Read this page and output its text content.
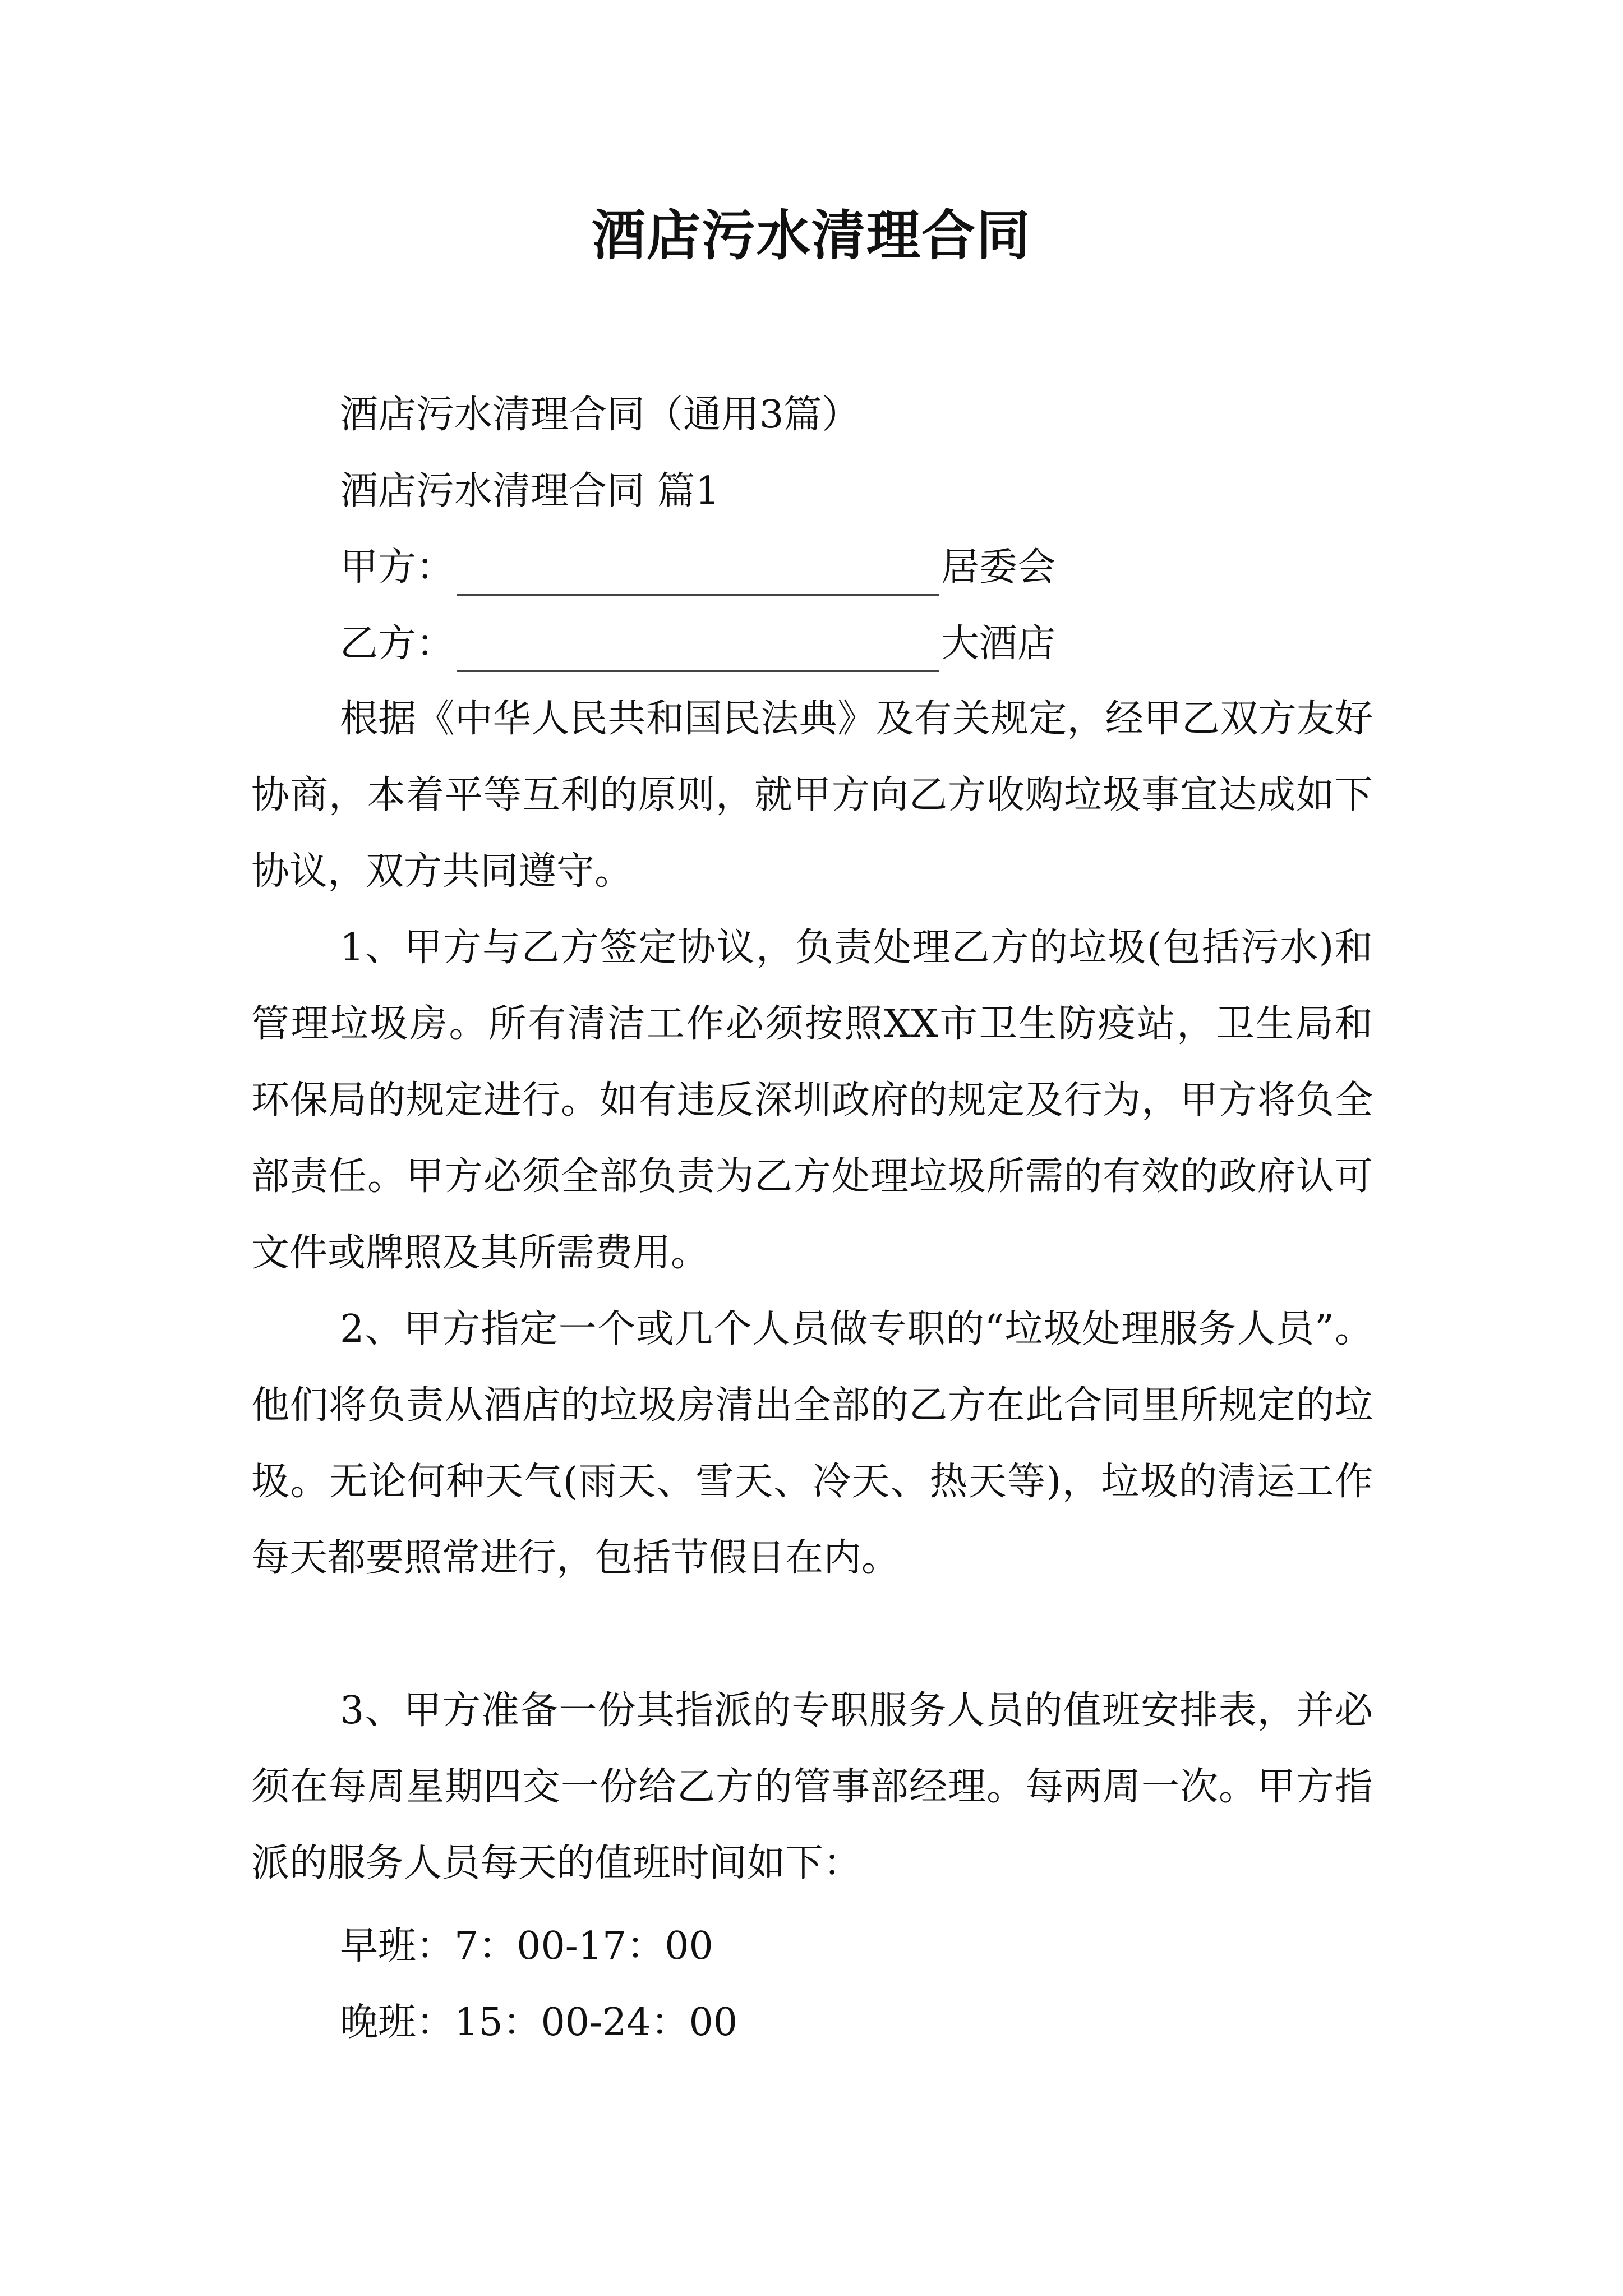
酒店污水清理合同
酒店污水清理合同（通用3篇）
酒店污水清理合同 篇1
甲方：	居委会
乙方：	大酒店
根据《中华人民共和国民法典》及有关规定，经甲乙双方友好协商，本着平等互利的原则，就甲方向乙方收购垃圾事宜达成如下协议，双方共同遵守。
1、甲方与乙方签定协议，负责处理乙方的垃圾(包括污水)和管理垃圾房。所有清洁工作必须按照XX市卫生防疫站，卫生局和环保局的规定进行。如有违反深圳政府的规定及行为，甲方将负全部责任。甲方必须全部负责为乙方处理垃圾所需的有效的政府认可文件或牌照及其所需费用。
2、甲方指定一个或几个人员做专职的“垃圾处理服务人员”。他们将负责从酒店的垃圾房清出全部的乙方在此合同里所规定的垃圾。无论何种天气(雨天、雪天、冷天、热天等)，垃圾的清运工作每天都要照常进行，包括节假日在内。
3、甲方准备一份其指派的专职服务人员的值班安排表，并必须在每周星期四交一份给乙方的管事部经理。每两周一次。甲方指派的服务人员每天的值班时间如下：
早班：7：00-17：00
晚班：15：00-24：00
